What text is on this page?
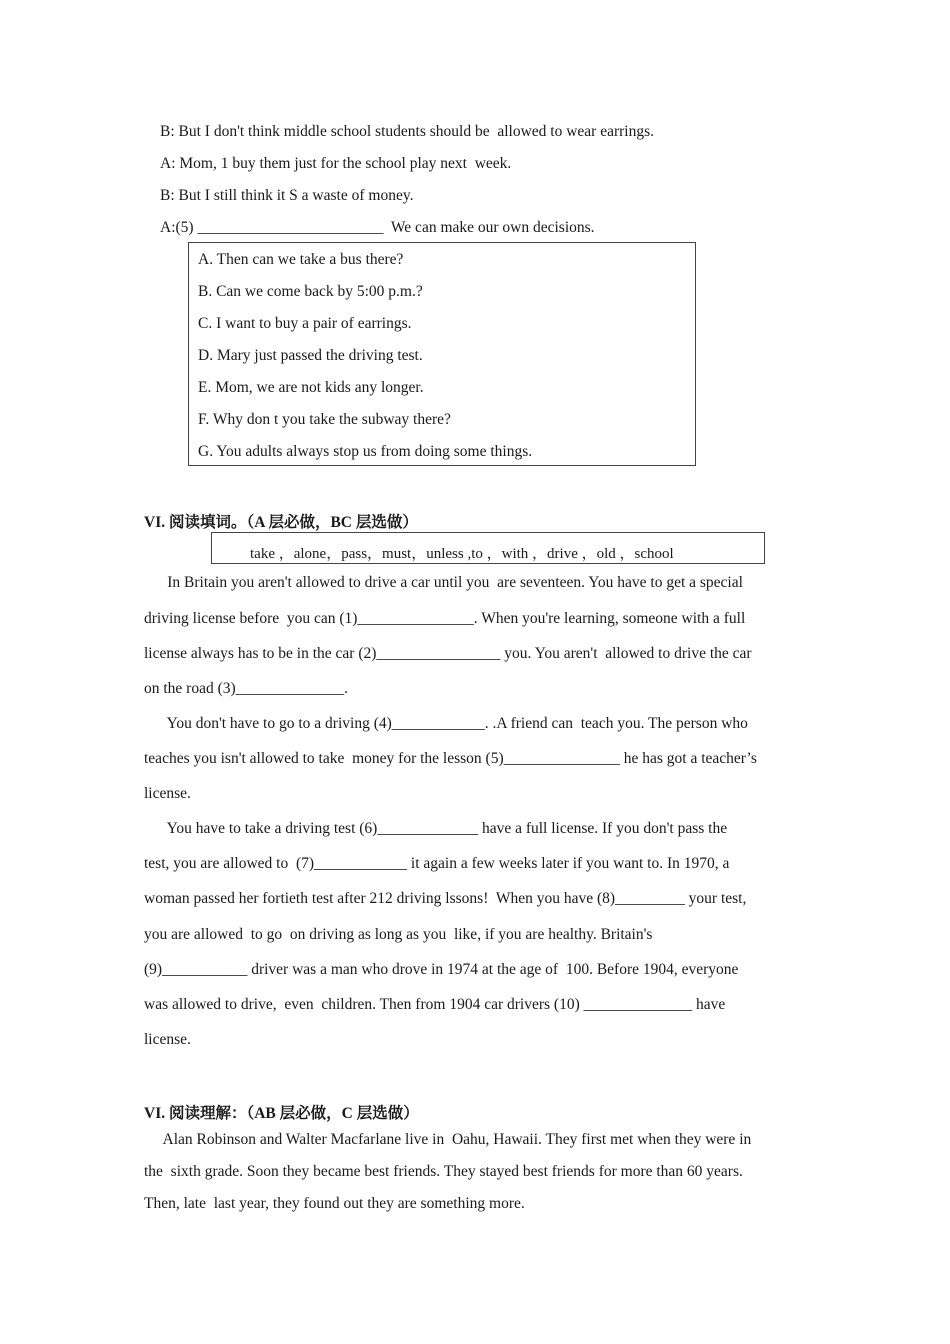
B: But I don't think middle school students should be  allowed to wear earrings.
A: Mom, 1 buy them just for the school play next  week.
B: But I still think it S a waste of money.
A:(5) ________________________  We can make our own decisions.
A. Then can we take a bus there?
B. Can we come back by 5:00 p.m.?
C. I want to buy a pair of earrings.
D. Mary just passed the driving test.
E. Mom, we are not kids any longer.
F. Why don t you take the subway there?
G. You adults always stop us from doing some things.
VI. 阅读填词。（A 层必做，BC 层选做）
take ，alone，pass，must，unless ,to ，with ，drive ，old ，school
In Britain you aren't allowed to drive a car until you  are seventeen. You have to get a special
driving license before  you can (1)_______________. When you're learning, someone with a full
license always has to be in the car (2)________________ you. You aren't  allowed to drive the car
on the road (3)______________.
You don't have to go to a driving (4)____________. .A friend can  teach you. The person who
teaches you isn't allowed to take  money for the lesson (5)_______________ he has got a teacher’s
license.
You have to take a driving test (6)_____________ have a full license. If you don't pass the
test, you are allowed to  (7)____________ it again a few weeks later if you want to. In 1970, a
woman passed her fortieth test after 212 driving lssons!  When you have (8)_________ your test,
you are allowed  to go  on driving as long as you  like, if you are healthy. Britain's
(9)___________ driver was a man who drove in 1974 at the age of  100. Before 1904, everyone
was allowed to drive,  even  children. Then from 1904 car drivers (10) ______________ have
license.
VI. 阅读理解：（AB 层必做，C 层选做）
Alan Robinson and Walter Macfarlane live in  Oahu, Hawaii. They first met when they were in
the  sixth grade. Soon they became best friends. They stayed best friends for more than 60 years.
Then, late  last year, they found out they are something more.
